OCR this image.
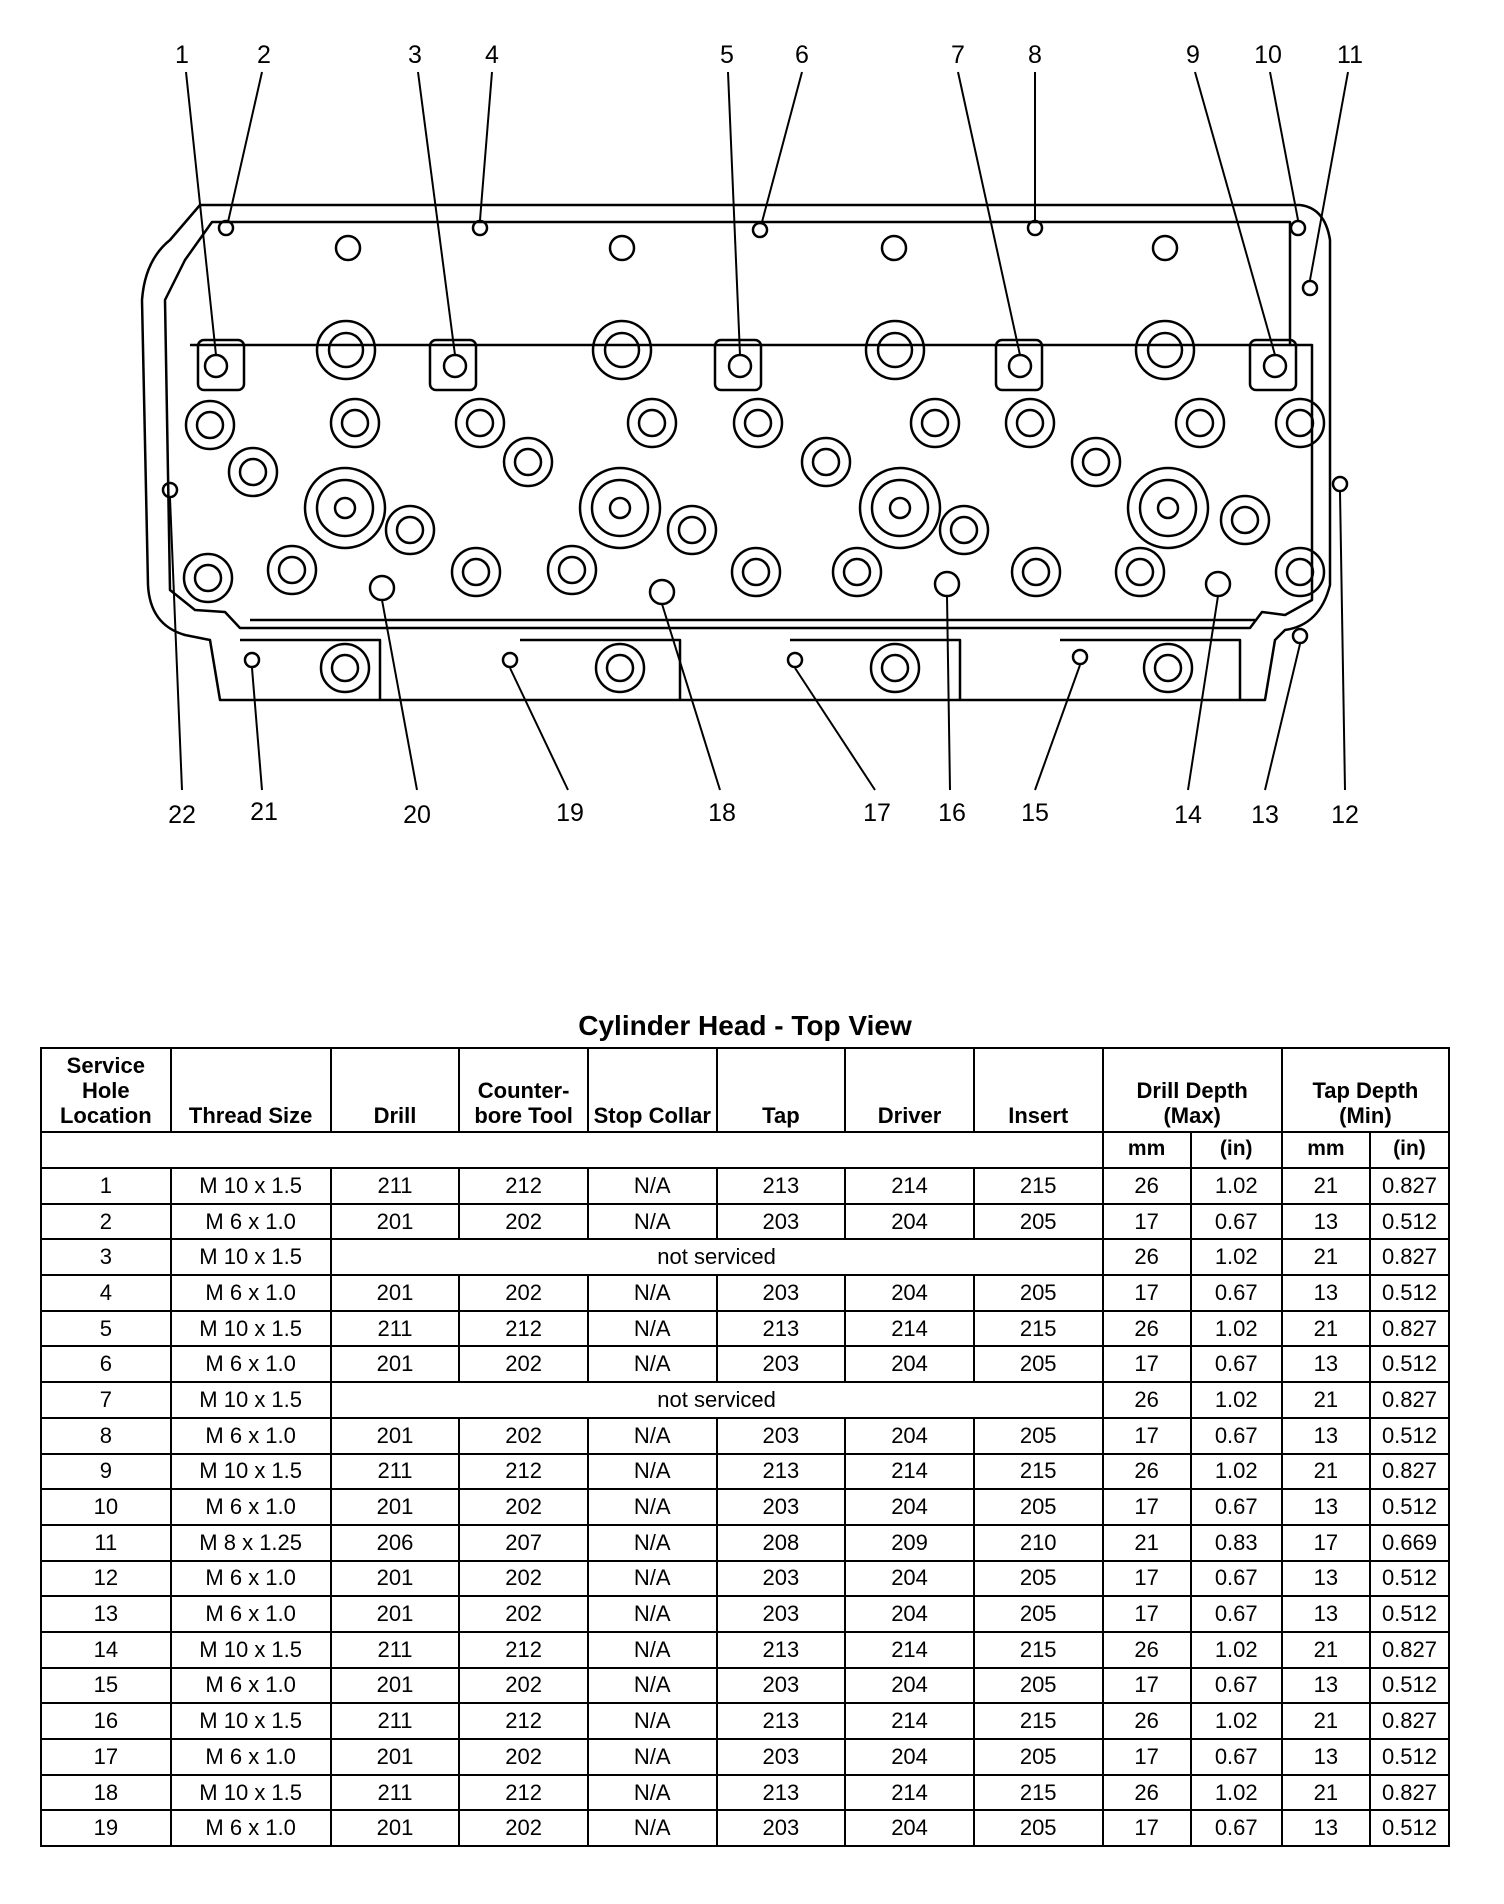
1	2	3	4	5 6	7	8	9 10 11
22 21	20	19	18	17 16 15	14 13 12
Cylinder Head - Top View
Service Hole Location	Thread Size	Drill	Counter- bore Tool	Stop Collar	Tap	Driver	Insert	Drill Depth (Max)		Tap Depth (Min)	
								mm	(in)	mm	(in)
1	M 10 x 1.5	211	212	N/A	213	214	215	26	1.02	21	0.827
2	M 6 x 1.0	201	202	N/A	203	204	205	17	0.67	13	0.512
3	M 10 x 1.5	not serviced						26	1.02	21	0.827
4	M 6 x 1.0	201	202	N/A	203	204	205	17	0.67	13	0.512
5	M 10 x 1.5	211	212	N/A	213	214	215	26	1.02	21	0.827
6	M 6 x 1.0	201	202	N/A	203	204	205	17	0.67	13	0.512
7	M 10 x 1.5	not serviced						26	1.02	21	0.827
8	M 6 x 1.0	201	202	N/A	203	204	205	17	0.67	13	0.512
9	M 10 x 1.5	211	212	N/A	213	214	215	26	1.02	21	0.827
10	M 6 x 1.0	201	202	N/A	203	204	205	17	0.67	13	0.512
11	M 8 x 1.25	206	207	N/A	208	209	210	21	0.83	17	0.669
12	M 6 x 1.0	201	202	N/A	203	204	205	17	0.67	13	0.512
13	M 6 x 1.0	201	202	N/A	203	204	205	17	0.67	13	0.512
14	M 10 x 1.5	211	212	N/A	213	214	215	26	1.02	21	0.827
15	M 6 x 1.0	201	202	N/A	203	204	205	17	0.67	13	0.512
16	M 10 x 1.5	211	212	N/A	213	214	215	26	1.02	21	0.827
17	M 6 x 1.0	201	202	N/A	203	204	205	17	0.67	13	0.512
18	M 10 x 1.5	211	212	N/A	213	214	215	26	1.02	21	0.827
19	M 6 x 1.0	201	202	N/A	203	204	205	17	0.67	13	0.512
